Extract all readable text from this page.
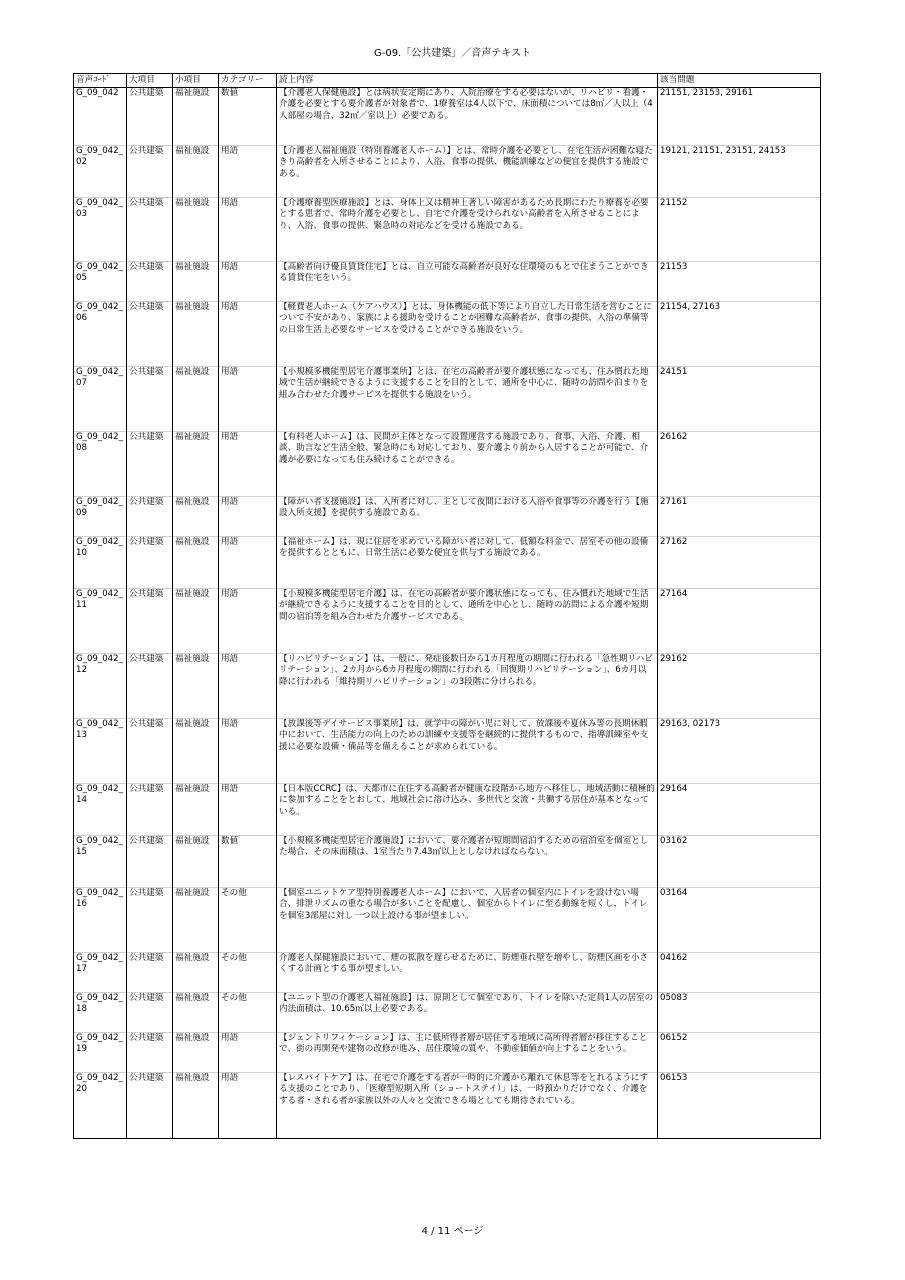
G-09.「公共建築」／音声テキスト
音声ｺｰﾄﾞ	大項目	小項目	カテゴリー	読上内容	該当問題
G_09_042	公共建築	福祉施設	数値	【介護老人保健施設】とは病状安定期にあり、入院治療をする必要はないが、リハビリ・看護・介護を必要とする要介護者が対象者で、1療養室は4人以下で、床面積については8㎡／人以上（4人部屋の場合、32㎡／室以上）必要である。	21151, 23153, 29161
G_09_042_02	公共建築	福祉施設	用語	【介護老人福祉施設（特別養護老人ホーム）】とは、常時介護を必要とし、在宅生活が困難な寝たきり高齢者を入所させることにより、入浴、食事の提供、機能訓練などの便宜を提供する施設である。	19121, 21151, 23151, 24153
G_09_042_03	公共建築	福祉施設	用語	【介護療養型医療施設】とは、身体上又は精神上著しい障害があるため長期にわたり療養を必要とする患者で、常時介護を必要とし、自宅で介護を受けられない高齢者を入所させることにより、入浴、食事の提供、緊急時の対応などを受ける施設である。	21152
G_09_042_05	公共建築	福祉施設	用語	【高齢者向け優良賃貸住宅】とは、自立可能な高齢者が良好な住環境のもとで住まうことができる賃貸住宅をいう。	21153
G_09_042_06	公共建築	福祉施設	用語	【軽費老人ホーム（ケアハウス）】とは、身体機能の低下等により自立した日常生活を営むことについて不安があり、家族による援助を受けることが困難な高齢者が、食事の提供、入浴の準備等の日常生活上必要なサービスを受けることができる施設をいう。	21154, 27163
G_09_042_07	公共建築	福祉施設	用語	【小規模多機能型居宅介護事業所】とは、在宅の高齢者が要介護状態になっても、住み慣れた地域で生活が継続できるように支援することを目的として、通所を中心に、随時の訪問や泊まりを組み合わせた介護サービスを提供する施設をいう。	24151
G_09_042_08	公共建築	福祉施設	用語	【有料老人ホーム】は、民間が主体となって設置運営する施設であり、食事、入浴、介護、相談、助言など生活全般、緊急時にも対応しており、要介護より前から入居することが可能で、介護が必要になっても住み続けることができる。	26162
G_09_042_09	公共建築	福祉施設	用語	【障がい者支援施設】は、入所者に対し、主として夜間における入浴や食事等の介護を行う【施設入所支援】を提供する施設である。	27161
G_09_042_10	公共建築	福祉施設	用語	【福祉ホーム】は、現に住居を求めている障がい者に対して、低額な料金で、居室その他の設備を提供するとともに、日常生活に必要な便宜を供与する施設である。	27162
G_09_042_11	公共建築	福祉施設	用語	【小規模多機能型居宅介護】は、在宅の高齢者が要介護状態になっても、住み慣れた地域で生活が継続できるように支援することを目的として、通所を中心とし、随時の訪問による介護や短期間の宿泊等を組み合わせた介護サービスである。	27164
G_09_042_12	公共建築	福祉施設	用語	【リハビリテーション】は、一般に、発症後数日から1カ月程度の期間に行われる「急性期リハビリテーション」、2カ月から6カ月程度の期間に行われる「回復期リハビリテーション」、6カ月以降に行われる「維持期リハビリテーション」の3段階に分けられる。	29162
G_09_042_13	公共建築	福祉施設	用語	【放課後等デイサービス事業所】は、就学中の障がい児に対して、放課後や夏休み等の長期休暇中において、生活能力の向上のための訓練や支援等を継続的に提供するもので、指導訓練室や支援に必要な設備・備品等を備えることが求められている。	29163, 02173
G_09_042_14	公共建築	福祉施設	用語	【日本版CCRC】は、大都市に在住する高齢者が健康な段階から地方へ移住し、地域活動に積極的に参加することをとおして、地域社会に溶け込み、多世代と交流・共働する居住が基本となっている。	29164
G_09_042_15	公共建築	福祉施設	数値	【小規模多機能型居宅介護施設】において、要介護者が短期間宿泊するための宿泊室を個室とした場合、その床面積は、1室当たり7.43㎡以上としなければならない。	03162
G_09_042_16	公共建築	福祉施設	その他	【個室ユニットケア型特別養護老人ホーム】において、入居者の個室内にトイレを設けない場合、排泄リズムの重なる場合が多いことを配慮し、個室からトイレに至る動線を短くし、トイレを個室3部屋に対し一つ以上設ける事が望ましい。	03164
G_09_042_17	公共建築	福祉施設	その他	介護老人保健施設において、煙の拡散を遅らせるために、防煙垂れ壁を増やし、防煙区画を小さくする計画とする事が望ましい。	04162
G_09_042_18	公共建築	福祉施設	その他	【ユニット型の介護老人福祉施設】は、原則として個室であり、トイレを除いた定員1人の居室の内法面積は、10.65㎡以上必要である。	05083
G_09_042_19	公共建築	福祉施設	用語	【ジェントリフィケーション】は、主に低所得者層が居住する地域に高所得者層が移住することで、街の再開発や建物の改修が進み、居住環境の質や、不動産価値が向上することをいう。	06152
G_09_042_20	公共建築	福祉施設	用語	【レスパイトケア】は、在宅で介護をする者が一時的に介護から離れて休息等をとれるようにする支援のことであり、「医療型短期入所（ショートステイ）」は、一時預かりだけでなく、介護をする者・される者が家族以外の人々と交流できる場としても期待されている。	06153
4 / 11 ページ
